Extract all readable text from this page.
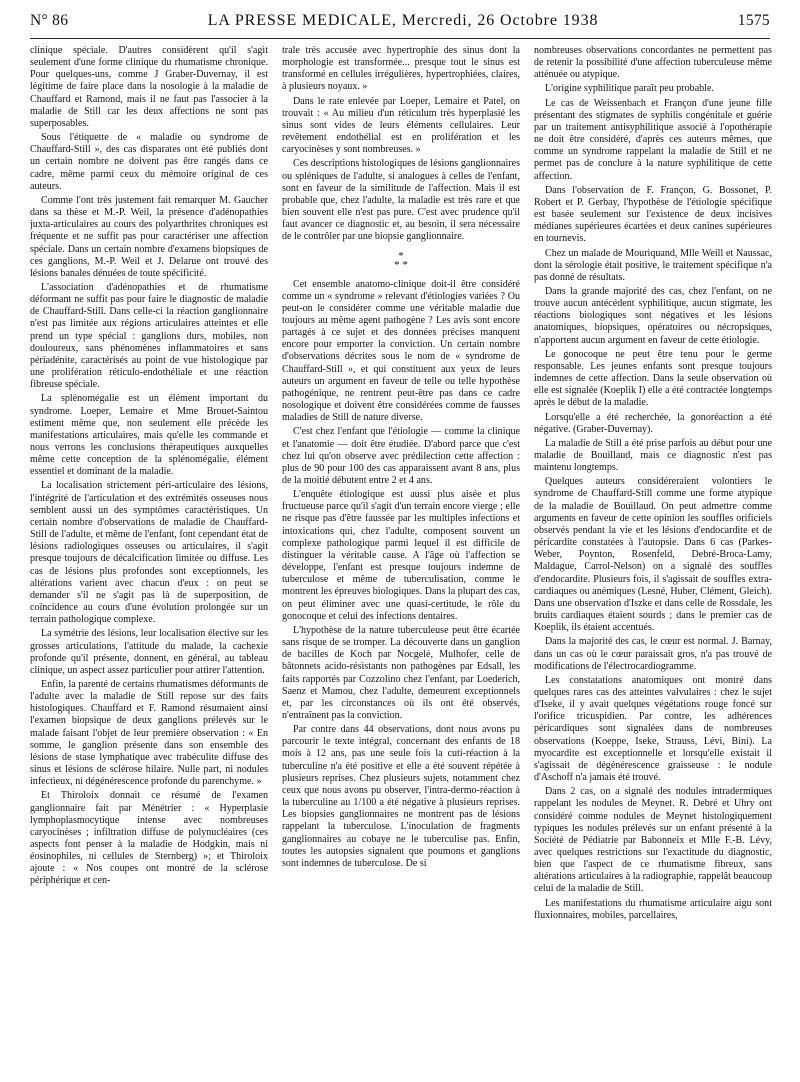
N° 86	LA PRESSE MEDICALE, Mercredi, 26 Octobre 1938	1575

clinique spéciale. D'autres considèrent qu'il s'agit seulement d'une forme clinique du rhumatisme chronique. Pour quelques-uns, comme J Graber-Duvernay, il est légitime de faire place dans la nosologie à la maladie de Chauffard et Ramond, mais il ne faut pas l'associer à la maladie de Still car les deux affections ne sont pas superposables.

Sous l'étiquette de « maladie ou syndrome de Chauffard-Still », des cas disparates ont été publiés dont un certain nombre ne doivent pas être rangés dans ce cadre, même parmi ceux du mémoire original de ces auteurs.

Comme l'ont très justement fait remarquer M. Gaucher dans sa thèse et M.-P. Weil, la présence d'adénopathies juxta-articulaires au cours des polyarthrites chroniques est fréquente et ne suffit pas pour caractériser une affection spéciale. Dans un certain nombre d'examens biopsiques de ces ganglions, M.-P. Weil et J. Delarue ont trouvé des lésions banales dénuées de toute spécificité.

L'association d'adénopathies et de rhumatisme déformant ne suffit pas pour faire le diagnostic de maladie de Chauffard-Still. Dans celle-ci la réaction ganglionnaire n'est pas limitée aux régions articulaires atteintes et elle prend un type spécial : ganglions durs, mobiles, non douloureux, sans phénomènes inflammatoires et sans périadénite, caractérisés au point de vue histologique par une prolifération réticulo-endothéliale et une réaction fibreuse spéciale.

La splénomégalie est un élément important du syndrome. Loeper, Lemaire et Mme Brouet-Saintou estiment même que, non seulement elle précède les manifestations articulaires, mais qu'elle les commande et nous verrons les conclusions thérapeutiques auxquelles même cette conception de la splénomégalie, élément essentiel et dominant de la maladie.

La localisation strictement péri-articulaire des lésions, l'intégrité de l'articulation et des extrémités osseuses nous semblent aussi un des symptômes caractéristiques. Un certain nombre d'observations de maladie de Chauffard-Still de l'adulte, et même de l'enfant, font cependant état de lésions radiologiques osseuses ou articulaires, il s'agit presque toujours de décalcification limitée ou diffuse. Les cas de lésions plus profondes sont exceptionnels, les altérations varient avec chacun d'eux : on peut se demander s'il ne s'agit pas là de superposition, de coïncidence au cours d'une évolution prolongée sur un terrain pathologique complexe.

La symétrie des lésions, leur localisation élective sur les grosses articulations, l'attitude du malade, la cachexie profonde qu'il présente, donnent, en général, au tableau clinique, un aspect assez particulier pour attirer l'attention.

Enfin, la parenté de certains rhumatismes déformants de l'adulte avec la maladie de Still repose sur des faits histologiques. Chauffard et F. Ramond résumaient ainsi l'examen biopsique de deux ganglions prélevés sur le malade faisant l'objet de leur première observation : « En somme, le ganglion présente dans son ensemble des lésions de stase lymphatique avec trabéculite diffuse des sinus et lésions de sclérose hilaire. Nulle part, ni nodules infectieux, ni dégénérescence profonde du parenchyme. »

Et Thiroloix donnait ce résumé de l'examen ganglionnaire fait par Ménétrier : « Hyperplasie lymphoplasmocytique intense avec nombreuses caryocinèses ; infiltration diffuse de polynucléaires (ces aspects font penser à la maladie de Hodgkin, mais ni éosinophiles, ni cellules de Sternberg) »; et Thiroloix ajoute : « Nos coupes ont montré de la sclérose périphérique et cen-

trale très accusée avec hypertrophie des sinus dont la morphologie est transformée... presque tout le sinus est transformé en cellules irrégulières, hypertrophiées, claires, à plusieurs noyaux. »

Dans le rate enlevée par Loeper, Lemaire et Patel, on trouvait : « Au milieu d'un réticulum très hyperplasié les sinus sont vides de leurs éléments cellulaires. Leur revêtement endothélial est en prolifération et les caryocinèses y sont nombreuses. »

Ces descriptions histologiques de lésions ganglionnaires ou spléniques de l'adulte, si analogues à celles de l'enfant, sont en faveur de la similitude de l'affection. Mais il est probable que, chez l'adulte, la maladie est très rare et que bien souvent elle n'est pas pure. C'est avec prudence qu'il faut avancer ce diagnostic et, au besoin, il sera nécessaire de le contrôler par une biopsie ganglionnaire.

*
* *

Cet ensemble anatomo-clinique doit-il être considéré comme un « syndrome » relevant d'étiologies variées ? Ou peut-on le considérer comme une véritable maladie due toujours au même agent pathogène ? Les avis sont encore partagés à ce sujet et des données précises manquent encore pour emporter la conviction. Un certain nombre d'observations décrites sous le nom de « syndrome de Chauffard-Still », et qui constituent aux yeux de leurs auteurs un argument en faveur de telle ou telle hypothèse pathogénique, ne rentrent peut-être pas dans ce cadre nosologique et doivent être considérées comme de fausses maladies de Still de nature diverse.

C'est chez l'enfant que l'étiologie — comme la clinique et l'anatomie — doit être étudiée. D'abord parce que c'est chez lui qu'on observe avec prédilection cette affection : plus de 90 pour 100 des cas apparaissent avant 8 ans, plus de la moitié débutent entre 2 et 4 ans.

L'enquête étiologique est aussi plus aisée et plus fructueuse parce qu'il s'agit d'un terrain encore vierge ; elle ne risque pas d'être faussée par les multiples infections et intoxications qui, chez l'adulte, composent souvent un complexe pathologique parmi lequel il est difficile de distinguer la véritable cause. A l'âge où l'affection se développe, l'enfant est presque toujours indemne de tuberculose et même de tuberculisation, comme le montrent les épreuves biologiques. Dans la plupart des cas, on peut éliminer avec une quasi-certitude, le rôle du gonocoque et celui des infections dentaires.

L'hypothèse de la nature tuberculeuse peut être écartée sans risque de se tromper. La découverte dans un ganglion de bacilles de Koch par Nocgelé, Mulhofer, celle de bâtonnets acido-résistants non pathogènes par Edsall, les faits rapportés par Cozzolino chez l'enfant, par Loederich, Saenz et Mamou, chez l'adulte, demeurent exceptionnels et, par les circonstances où ils ont été observés, n'entraînent pas la conviction.

Par contre dans 44 observations, dont nous avons pu parcourir le texte intégral, concernant des enfants de 18 mois à 12 ans, pas une seule fois la cuti-réaction à la tuberculine n'a été positive et elle a été souvent répétée à plusieurs reprises. Chez plusieurs sujets, notamment chez ceux que nous avons pu observer, l'intra-dermo-réaction à la tuberculine au 1/100 a été négative à plusieurs reprises. Les biopsies ganglionnaires ne montrent pas de lésions rappelant la tuberculose. L'inoculation de fragments ganglionnaires au cobaye ne le tuberculise pas. Enfin, toutes les autopsies signalent que poumons et ganglions sont indemnes de tuberculose. De si

nombreuses observations concordantes ne permettent pas de retenir la possibilité d'une affection tuberculeuse même atténuée ou atypique.

L'origine syphilitique paraît peu probable.

Le cas de Weissenbach et Françon d'une jeune fille présentant des stigmates de syphilis congénitale et guérie par un traitement antisyphilitique associé à l'opothérapie ne doit être considéré, d'après ces auteurs mêmes, que comme un syndrome rappelant la maladie de Still et ne permet pas de conclure à la nature syphilitique de cette affection.

Dans l'observation de F. Françon, G. Bossonet, P. Robert et P. Gerbay, l'hypothèse de l'étiologie spécifique est basée seulement sur l'existence de deux incisives médianes supérieures écartées et deux canines supérieures en tournevis.

Chez un malade de Mouriquand, Mlle Weill et Naussac, dont la sérologie était positive, le traitement spécifique n'a pas donné de résultats.

Dans la grande majorité des cas, chez l'enfant, on ne trouve aucun antécédent syphilitique, aucun stigmate, les réactions biologiques sont négatives et les lésions anatomiques, biopsiques, opératoires ou nécropsiques, n'apportent aucun argument en faveur de cette étiologie.

Le gonocoque ne peut être tenu pour le germe responsable. Les jeunes enfants sont presque toujours indemnes de cette affection. Dans la seule observation où elle est signalée (Koeplik I) elle a été contractée longtemps après le début de la maladie.

Lorsqu'elle a été recherchée, la gonoréaction a été négative. (Graber-Duvernay).

La maladie de Still a été prise parfois au début pour une maladie de Bouillaud, mais ce diagnostic n'est pas maintenu longtemps.

Quelques auteurs considéreraient volontiers le syndrome de Chauffard-Still comme une forme atypique de la maladie de Bouillaud. On peut admettre comme arguments en faveur de cette opinion les souffles orificiels observés pendant la vie et les lésions d'endocardite et de péricardite constatées à l'autopsie. Dans 6 cas (Parkes-Weber, Poynton, Rosenfeld, Debré-Broca-Lamy, Maldague, Carrol-Nelson) on a signalé des souffles d'endocardite. Plusieurs fois, il s'agissait de souffles extra-cardiaques ou anémiques (Lesné, Huber, Clément, Gleich). Dans une observation d'Iszke et dans celle de Rossdale, les bruits cardiaques étaient sourds ; dans le premier cas de Koeplik, ils étaient accentués.

Dans la majorité des cas, le cœur est normal. J. Barnay, dans un cas où le cœur paraissait gros, n'a pas trouvé de modifications de l'électrocardiogramme.

Les constatations anatomiques ont montré dans quelques rares cas des atteintes valvulaires : chez le sujet d'Iseke, il y avait quelques végétations rouge foncé sur l'orifice tricuspidien. Par contre, les adhérences péricardiques sont signalées dans de nombreuses observations (Koeppe, Iseke, Strauss, Lévi, Bini). La myocardite est exceptionnelle et lorsqu'elle existait il s'agissait de dégénérescence graisseuse : le nodule d'Aschoff n'a jamais été trouvé.

Dans 2 cas, on a signalé des nodules intradermiques rappelant les nodules de Meynet. R. Debré et Uhry ont considéré comme nodules de Meynet histologiquement typiques les nodules prélevés sur un enfant présenté à la Société de Pédiatrie par Babonneix et Mlle F.-B. Lévy, avec quelques restrictions sur l'exactitude du diagnostic, bien que l'aspect de ce rhumatisme fibreux, sans altérations articulaires à la radiographie, rappelât beaucoup celui de la maladie de Still.

Les manifestations du rhumatisme articulaire aigu sont fluxionnaires, mobiles, parcellaires,
